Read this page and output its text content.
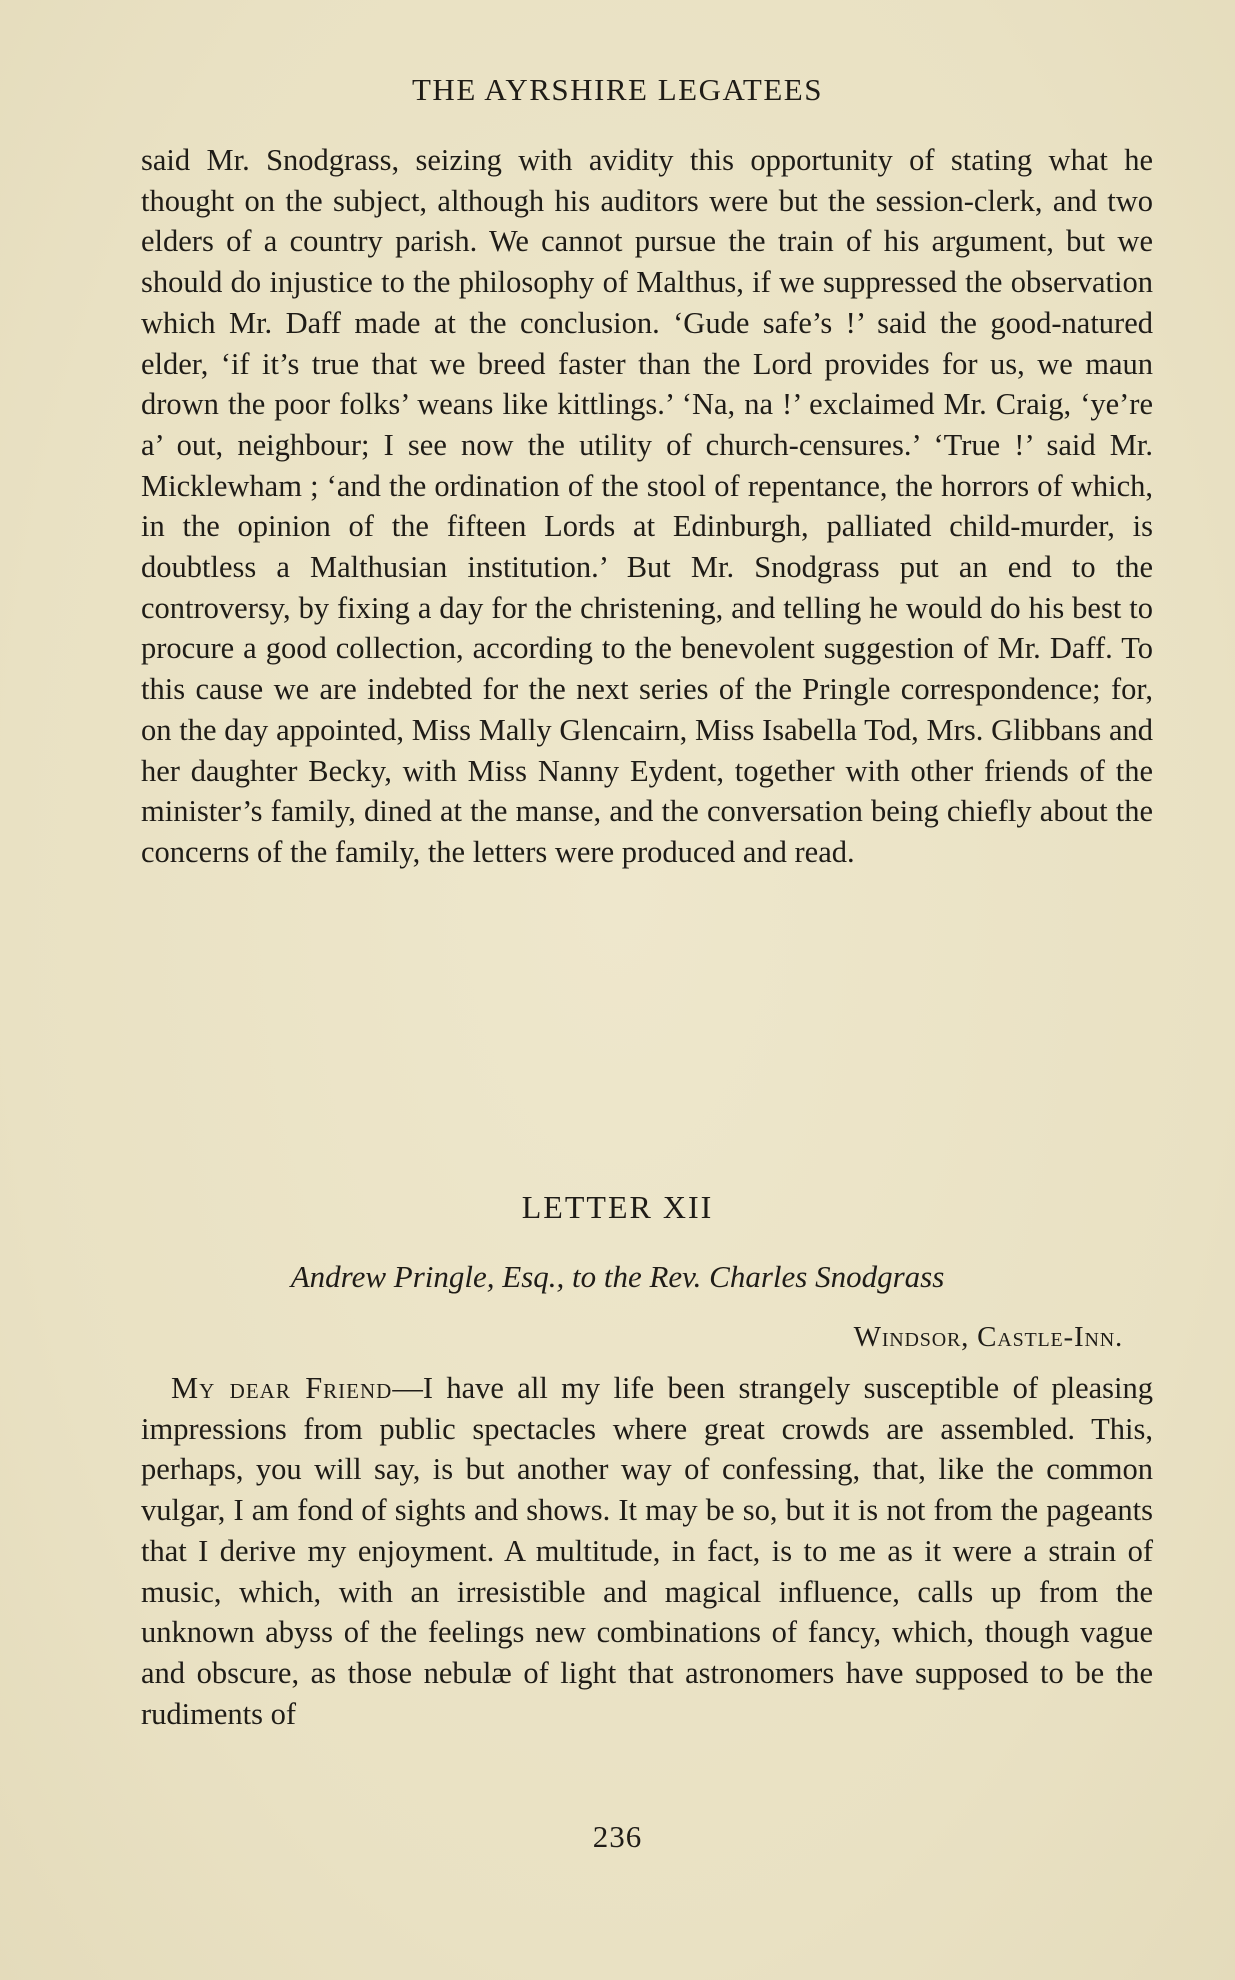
THE AYRSHIRE LEGATEES

said Mr. Snodgrass, seizing with avidity this opportunity of stating what he thought on the subject, although his auditors were but the session-clerk, and two elders of a country parish. We cannot pursue the train of his argument, but we should do injustice to the philosophy of Malthus, if we suppressed the observation which Mr. Daff made at the conclusion. ‘Gude safe’s !’ said the good-natured elder, ‘if it’s true that we breed faster than the Lord provides for us, we maun drown the poor folks’ weans like kittlings.’ ‘Na, na !’ exclaimed Mr. Craig, ‘ye’re a’ out, neighbour; I see now the utility of church-censures.’ ‘True !’ said Mr. Micklewham ; ‘and the ordination of the stool of repentance, the horrors of which, in the opinion of the fifteen Lords at Edinburgh, palliated child-murder, is doubtless a Malthusian institution.’ But Mr. Snodgrass put an end to the controversy, by fixing a day for the christening, and telling he would do his best to procure a good collection, according to the benevolent suggestion of Mr. Daff. To this cause we are indebted for the next series of the Pringle correspondence; for, on the day appointed, Miss Mally Glencairn, Miss Isabella Tod, Mrs. Glibbans and her daughter Becky, with Miss Nanny Eydent, together with other friends of the minister’s family, dined at the manse, and the conversation being chiefly about the concerns of the family, the letters were produced and read.

LETTER XII
Andrew Pringle, Esq., to the Rev. Charles Snodgrass
Windsor, Castle-Inn.

My dear Friend—I have all my life been strangely susceptible of pleasing impressions from public spectacles where great crowds are assembled. This, perhaps, you will say, is but another way of confessing, that, like the common vulgar, I am fond of sights and shows. It may be so, but it is not from the pageants that I derive my enjoyment. A multitude, in fact, is to me as it were a strain of music, which, with an irresistible and magical influence, calls up from the unknown abyss of the feelings new combinations of fancy, which, though vague and obscure, as those nebulæ of light that astronomers have supposed to be the rudiments of

236
